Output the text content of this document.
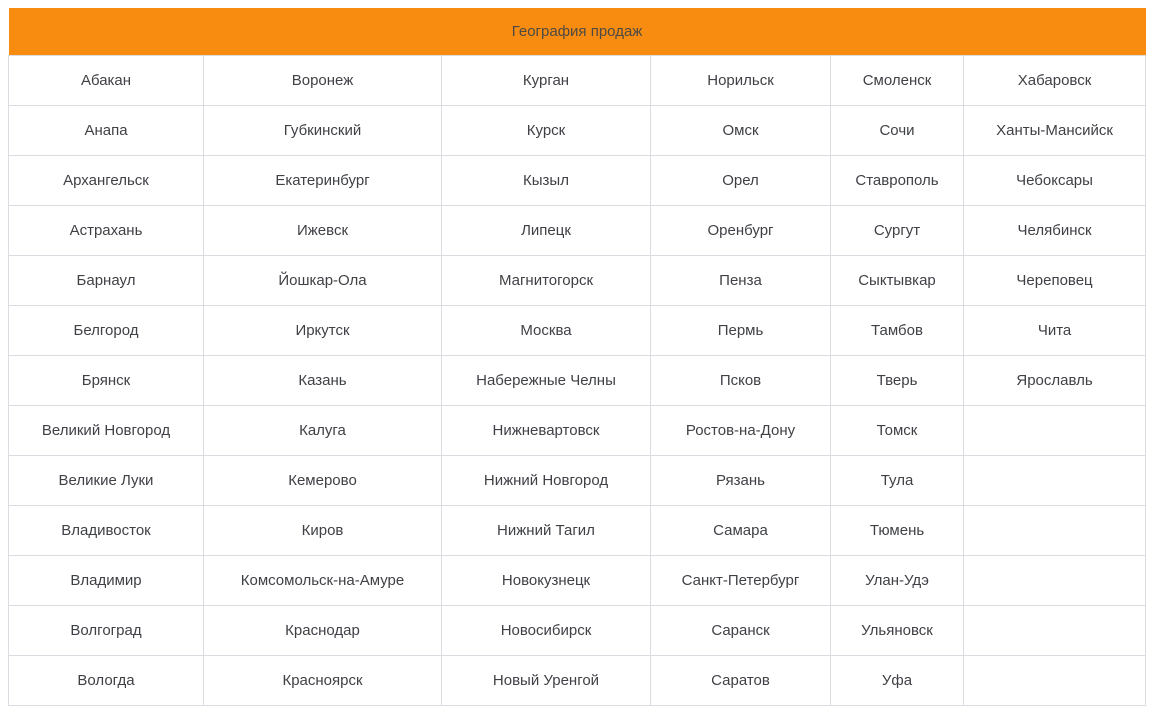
География продаж					
Абакан	Воронеж	Курган	Норильск	Смоленск	Хабаровск
Анапа	Губкинский	Курск	Омск	Сочи	Ханты-Мансийск
Архангельск	Екатеринбург	Кызыл	Орел	Ставрополь	Чебоксары
Астрахань	Ижевск	Липецк	Оренбург	Сургут	Челябинск
Барнаул	Йошкар-Ола	Магнитогорск	Пенза	Сыктывкар	Череповец
Белгород	Иркутск	Москва	Пермь	Тамбов	Чита
Брянск	Казань	Набережные Челны	Псков	Тверь	Ярославль
Великий Новгород	Калуга	Нижневартовск	Ростов-на-Дону	Томск	
Великие Луки	Кемерово	Нижний Новгород	Рязань	Тула	
Владивосток	Киров	Нижний Тагил	Самара	Тюмень	
Владимир	Комсомольск-на-Амуре	Новокузнецк	Санкт-Петербург	Улан-Удэ	
Волгоград	Краснодар	Новосибирск	Саранск	Ульяновск	
Вологда	Красноярск	Новый Уренгой	Саратов	Уфа	
